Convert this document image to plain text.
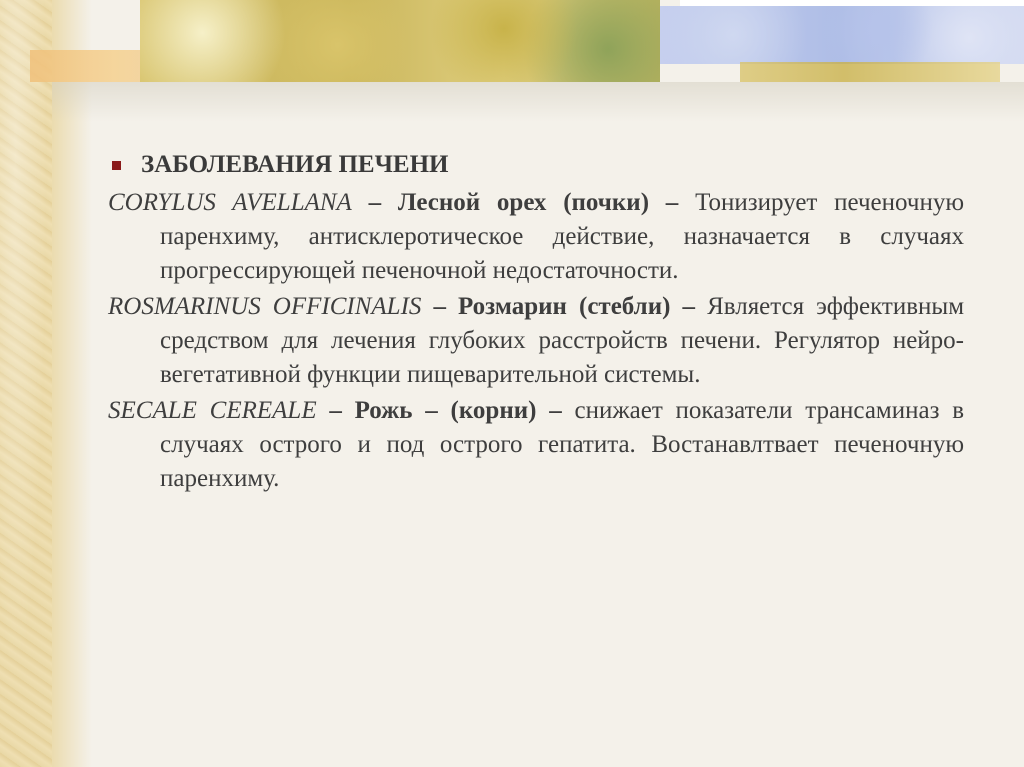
ЗАБОЛЕВАНИЯ ПЕЧЕНИ
CORYLUS AVELLANA – Лесной орех (почки) – Тонизирует печеночную паренхиму, антисклеротическое действие, назначается в случаях прогрессирующей печеночной недостаточности.
ROSMARINUS OFFICINALIS – Розмарин (стебли) – Является эффективным средством для лечения глубоких расстройств печени. Регулятор нейро-вегетативной функции пищеварительной системы.
SECALE CEREALE – Рожь – (корни) – снижает показатели трансаминаз в случаях острого и под острого гепатита. Востанавлтвает печеночную паренхиму.
